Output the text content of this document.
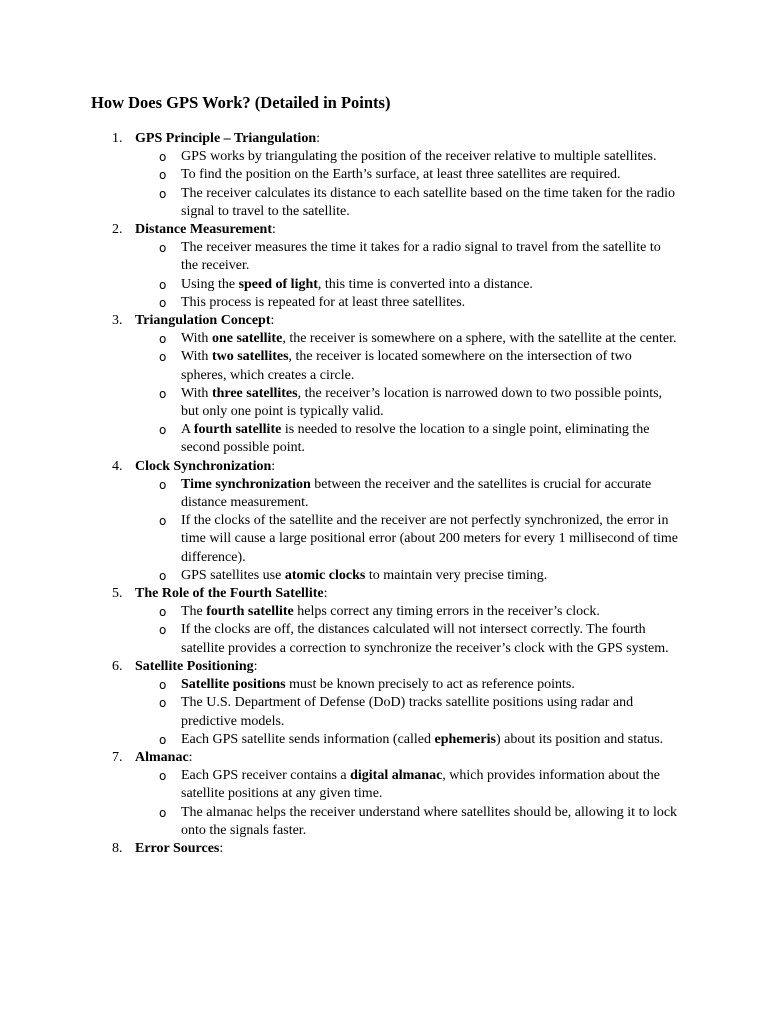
How Does GPS Work? (Detailed in Points)
1. GPS Principle – Triangulation:
o GPS works by triangulating the position of the receiver relative to multiple satellites.
o To find the position on the Earth’s surface, at least three satellites are required.
o The receiver calculates its distance to each satellite based on the time taken for the radio signal to travel to the satellite.
2. Distance Measurement:
o The receiver measures the time it takes for a radio signal to travel from the satellite to the receiver.
o Using the speed of light, this time is converted into a distance.
o This process is repeated for at least three satellites.
3. Triangulation Concept:
o With one satellite, the receiver is somewhere on a sphere, with the satellite at the center.
o With two satellites, the receiver is located somewhere on the intersection of two spheres, which creates a circle.
o With three satellites, the receiver’s location is narrowed down to two possible points, but only one point is typically valid.
o A fourth satellite is needed to resolve the location to a single point, eliminating the second possible point.
4. Clock Synchronization:
o Time synchronization between the receiver and the satellites is crucial for accurate distance measurement.
o If the clocks of the satellite and the receiver are not perfectly synchronized, the error in time will cause a large positional error (about 200 meters for every 1 millisecond of time difference).
o GPS satellites use atomic clocks to maintain very precise timing.
5. The Role of the Fourth Satellite:
o The fourth satellite helps correct any timing errors in the receiver’s clock.
o If the clocks are off, the distances calculated will not intersect correctly. The fourth satellite provides a correction to synchronize the receiver’s clock with the GPS system.
6. Satellite Positioning:
o Satellite positions must be known precisely to act as reference points.
o The U.S. Department of Defense (DoD) tracks satellite positions using radar and predictive models.
o Each GPS satellite sends information (called ephemeris) about its position and status.
7. Almanac:
o Each GPS receiver contains a digital almanac, which provides information about the satellite positions at any given time.
o The almanac helps the receiver understand where satellites should be, allowing it to lock onto the signals faster.
8. Error Sources:
